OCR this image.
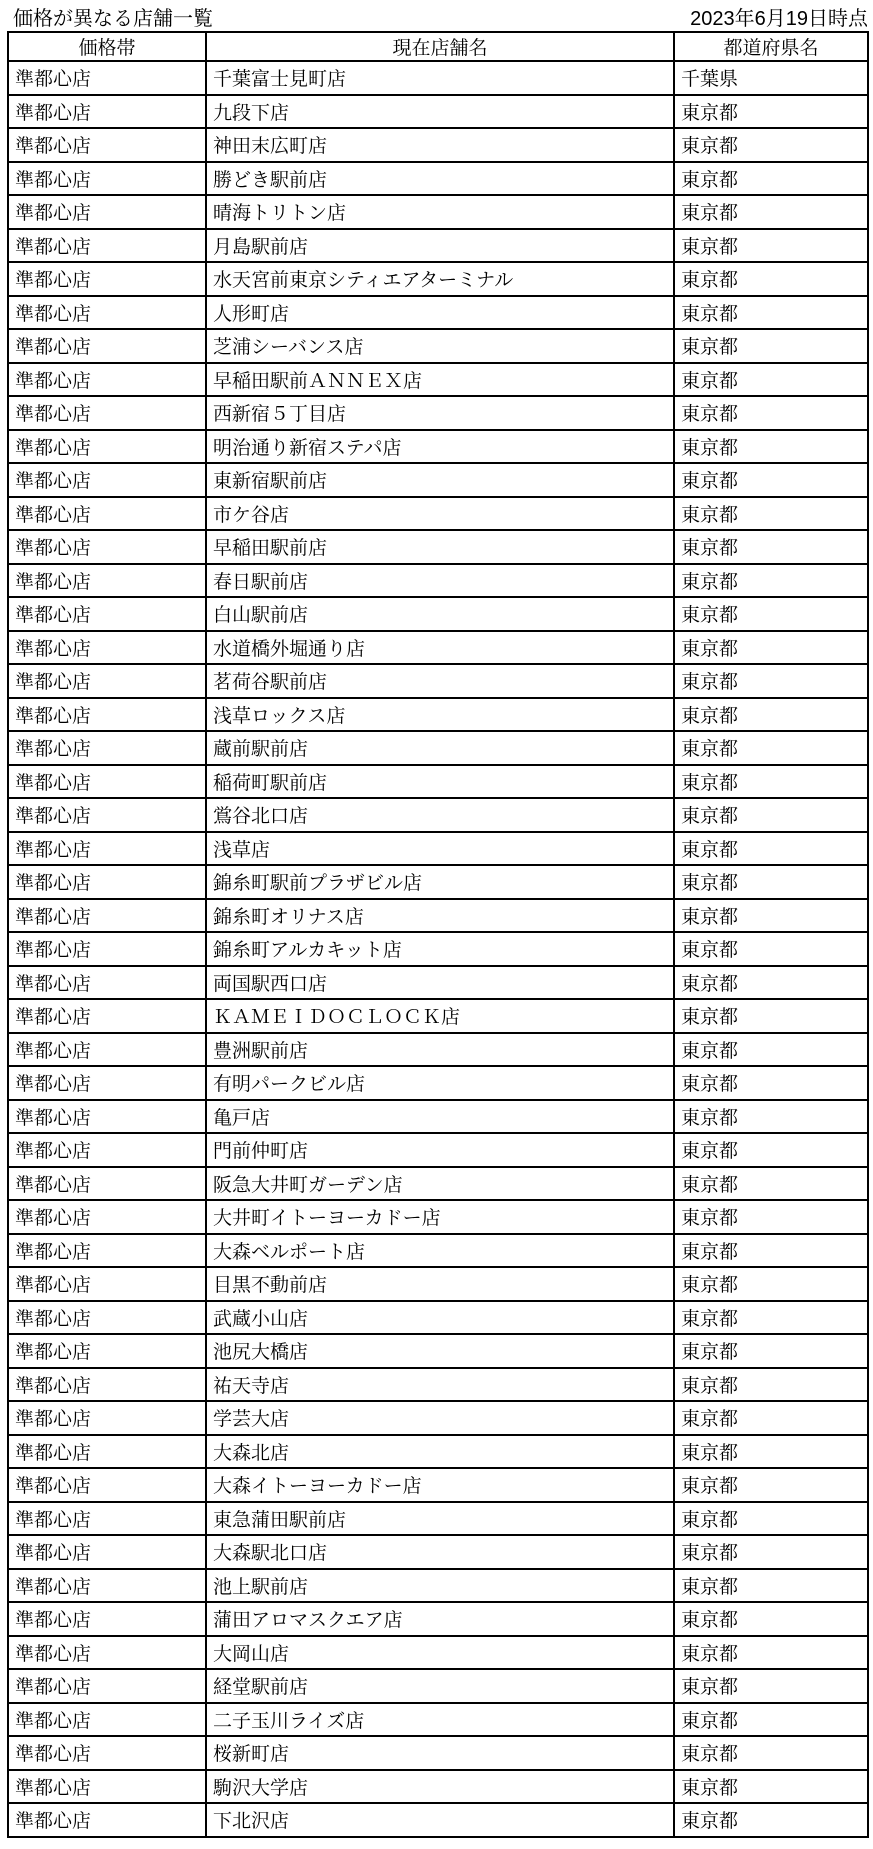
価格が異なる店舗一覧	2023年6月19日時点
価格帯	現在店舗名	都道府県名
準都心店	千葉富士見町店	千葉県
準都心店	九段下店	東京都
準都心店	神田末広町店	東京都
準都心店	勝どき駅前店	東京都
準都心店	晴海トリトン店	東京都
準都心店	月島駅前店	東京都
準都心店	水天宮前東京シティエアターミナル	東京都
準都心店	人形町店	東京都
準都心店	芝浦シーバンス店	東京都
準都心店	早稲田駅前ＡＮＮＥＸ店	東京都
準都心店	西新宿５丁目店	東京都
準都心店	明治通り新宿ステパ店	東京都
準都心店	東新宿駅前店	東京都
準都心店	市ケ谷店	東京都
準都心店	早稲田駅前店	東京都
準都心店	春日駅前店	東京都
準都心店	白山駅前店	東京都
準都心店	水道橋外堀通り店	東京都
準都心店	茗荷谷駅前店	東京都
準都心店	浅草ロックス店	東京都
準都心店	蔵前駅前店	東京都
準都心店	稲荷町駅前店	東京都
準都心店	鴬谷北口店	東京都
準都心店	浅草店	東京都
準都心店	錦糸町駅前プラザビル店	東京都
準都心店	錦糸町オリナス店	東京都
準都心店	錦糸町アルカキット店	東京都
準都心店	両国駅西口店	東京都
準都心店	ＫＡＭＥＩＤＯＣＬＯＣＫ店	東京都
準都心店	豊洲駅前店	東京都
準都心店	有明パークビル店	東京都
準都心店	亀戸店	東京都
準都心店	門前仲町店	東京都
準都心店	阪急大井町ガーデン店	東京都
準都心店	大井町イトーヨーカドー店	東京都
準都心店	大森ベルポート店	東京都
準都心店	目黒不動前店	東京都
準都心店	武蔵小山店	東京都
準都心店	池尻大橋店	東京都
準都心店	祐天寺店	東京都
準都心店	学芸大店	東京都
準都心店	大森北店	東京都
準都心店	大森イトーヨーカドー店	東京都
準都心店	東急蒲田駅前店	東京都
準都心店	大森駅北口店	東京都
準都心店	池上駅前店	東京都
準都心店	蒲田アロマスクエア店	東京都
準都心店	大岡山店	東京都
準都心店	経堂駅前店	東京都
準都心店	二子玉川ライズ店	東京都
準都心店	桜新町店	東京都
準都心店	駒沢大学店	東京都
準都心店	下北沢店	東京都
